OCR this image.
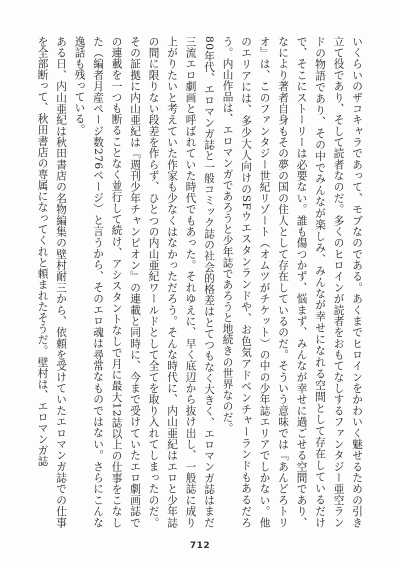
いくらいのザコキャラであって、モブなのである。あくまでヒロインをかわいく魅せるための引き立て役であり、そして読者なのだ。多くのヒロインが読者をおもてなしするファンタジー亜空ランドの物語であり、その中でみんなが楽しみ、みんなが幸せになれる空間として存在しているだけで、そこにストーリーは必要ない。誰も傷つかず、悩まず、みんなが幸せに過ごせる空間であり、なにより著者自身もその夢の国の住人として存在しているのだ。そういう意味では『あんどろトリオ』は、このファンタジー世紀リゾート（オムツがチケット）の中の少年誌エリアでしかない。他のエリアには、多少大人向けのSFウエスタンランドや、お色気アドベンチャーランドもあるだろう。内山作品は、エロマンガであろうと少年誌であろうと地続きの世界なのだ。

80年代、エロマンガ誌と一般コミック誌の社会的格差はとてつもなく大きく、エロマンガ誌はまだ三流エロ劇画と呼ばれていた時代でもあった。それゆえに、早く底辺から抜け出し、一般誌に成り上がりたいと考えていた作家も少なくはなかっただろう。そんな時代に、内山亜紀はエロと少年誌の間に限りない段差を作らず、ひとつの内山亜紀ワールドとして全てを取り入れてしまったのだ。その証拠に内山亜紀は『週刊少年チャンピオン』の連載と同時に、今まで受けていたエロ劇画誌での連載を一つも断ることなく並行して続け、アシスタントなしで月に最大12誌以上の仕事をこなした（編者月産ページ数276ページ）と言うから、そのエロ魂は尋常なものではない。さらにこんな逸話も残っている。

ある日、内山亜紀は秋田書店の名物編集の壁村耐三から、依頼を受けていたエロマンガ誌での仕事を全部断って、秋田書店の専属になってくれと頼まれたそうだ。壁村は、エロマンガ誌

712
